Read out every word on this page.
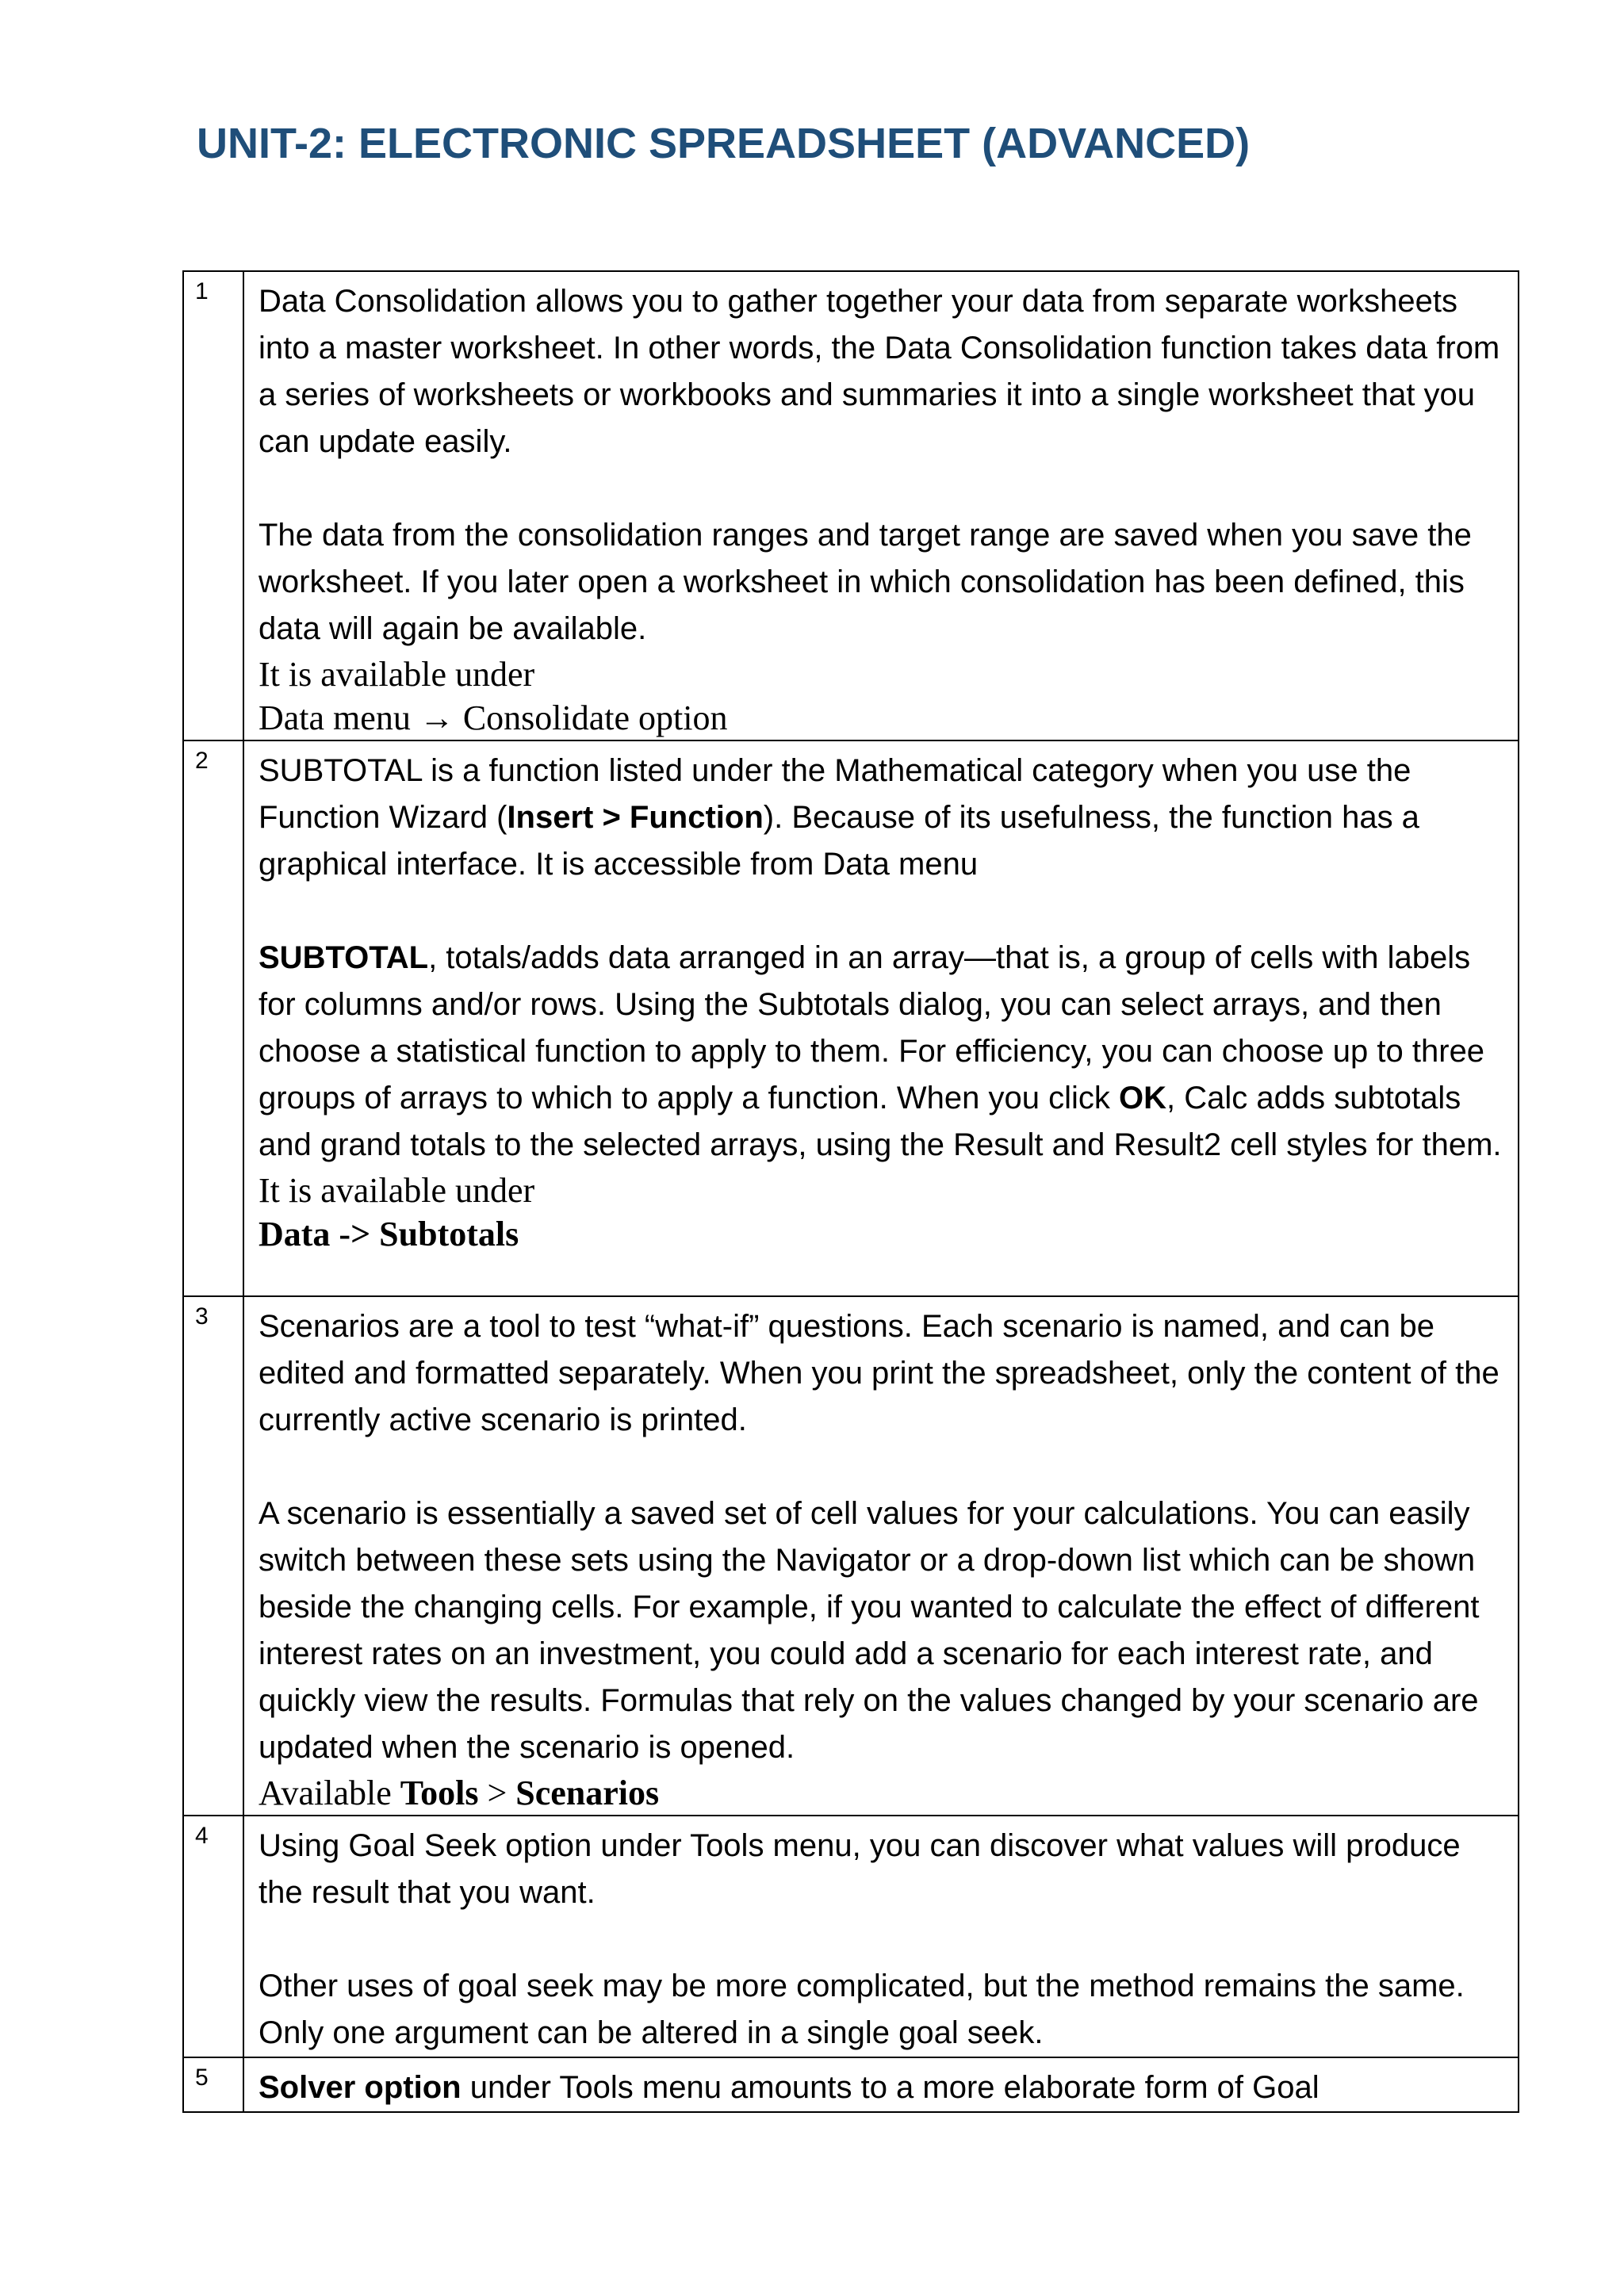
UNIT-2: ELECTRONIC SPREADSHEET (ADVANCED)
1	Data Consolidation allows you to gather together your data from separate worksheets into a master worksheet. In other words, the Data Consolidation function takes data from a series of worksheets or workbooks and summaries it into a single worksheet that you can update easily.
The data from the consolidation ranges and target range are saved when you save the worksheet. If you later open a worksheet in which consolidation has been defined, this data will again be available.
It is available under
Data menu → Consolidate option

2	SUBTOTAL is a function listed under the Mathematical category when you use the Function Wizard (Insert > Function). Because of its usefulness, the function has a graphical interface. It is accessible from Data menu
SUBTOTAL, totals/adds data arranged in an array—that is, a group of cells with labels for columns and/or rows. Using the Subtotals dialog, you can select arrays, and then choose a statistical function to apply to them. For efficiency, you can choose up to three groups of arrays to which to apply a function. When you click OK, Calc adds subtotals and grand totals to the selected arrays, using the Result and Result2 cell styles for them.
It is available under
Data -> Subtotals

3	Scenarios are a tool to test “what-if” questions. Each scenario is named, and can be edited and formatted separately. When you print the spreadsheet, only the content of the currently active scenario is printed.
A scenario is essentially a saved set of cell values for your calculations. You can easily switch between these sets using the Navigator or a drop-down list which can be shown beside the changing cells. For example, if you wanted to calculate the effect of different interest rates on an investment, you could add a scenario for each interest rate, and quickly view the results. Formulas that rely on the values changed by your scenario are updated when the scenario is opened.
Available Tools > Scenarios

4	Using Goal Seek option under Tools menu, you can discover what values will produce the result that you want.
Other uses of goal seek may be more complicated, but the method remains the same. Only one argument can be altered in a single goal seek.

5	Solver option under Tools menu amounts to a more elaborate form of Goal
